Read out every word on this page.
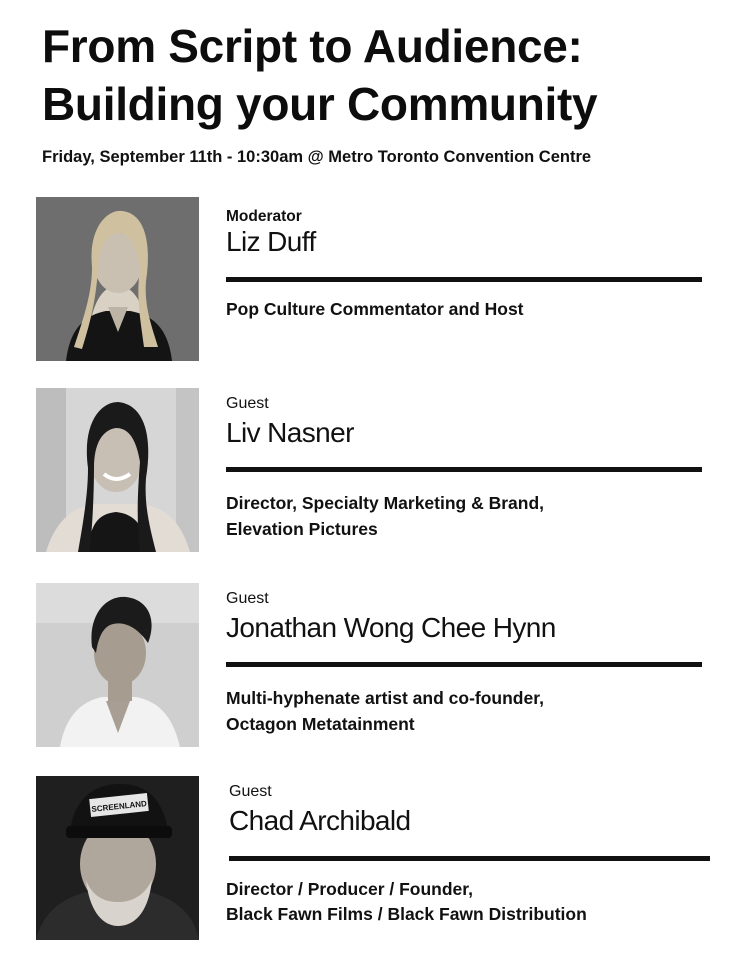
From Script to Audience:
Building your Community
Friday, September 11th - 10:30am @ Metro Toronto Convention Centre
Moderator
Liz Duff
Pop Culture Commentator and Host
Guest
Liv Nasner
Director, Specialty Marketing & Brand,
Elevation Pictures
Guest
Jonathan Wong Chee Hynn
Multi-hyphenate artist and co-founder,
Octagon Metatainment
SCREENLAND
Guest
Chad Archibald
Director / Producer / Founder,
Black Fawn Films / Black Fawn Distribution
